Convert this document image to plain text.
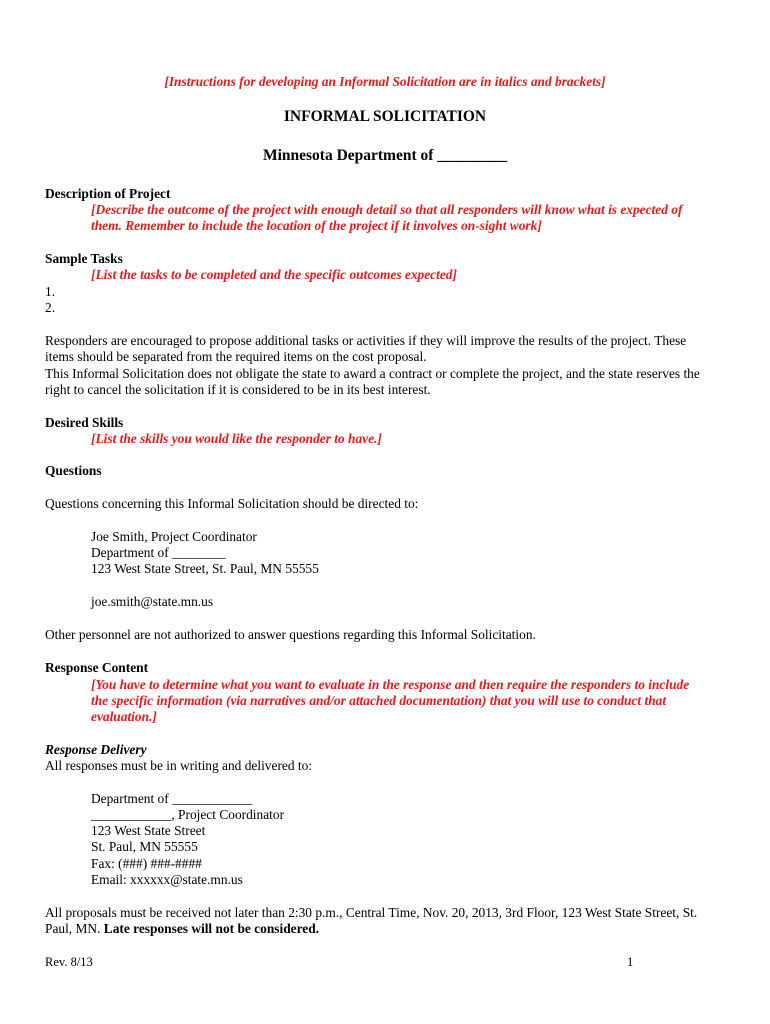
[Instructions for developing an Informal Solicitation are in italics and brackets]
INFORMAL SOLICITATION
Minnesota Department of _________
Description of Project
[Describe the outcome of the project with enough detail so that all responders will know what is expected of
them. Remember to include the location of the project if it involves on-sight work]
Sample Tasks
[List the tasks to be completed and the specific outcomes expected]
1.
2.
Responders are encouraged to propose additional tasks or activities if they will improve the results of the project. These
items should be separated from the required items on the cost proposal.
This Informal Solicitation does not obligate the state to award a contract or complete the project, and the state reserves the
right to cancel the solicitation if it is considered to be in its best interest.
Desired Skills
[List the skills you would like the responder to have.]
Questions
Questions concerning this Informal Solicitation should be directed to:
Joe Smith, Project Coordinator
Department of ________
123 West State Street, St. Paul, MN 55555
joe.smith@state.mn.us
Other personnel are not authorized to answer questions regarding this Informal Solicitation.
Response Content
[You have to determine what you want to evaluate in the response and then require the responders to include
the specific information (via narratives and/or attached documentation) that you will use to conduct that
evaluation.]
Response Delivery
All responses must be in writing and delivered to:
Department of ____________
____________, Project Coordinator
123 West State Street
St. Paul, MN 55555
Fax: (###) ###-####
Email: xxxxxx@state.mn.us
All proposals must be received not later than 2:30 p.m., Central Time, Nov. 20, 2013, 3rd Floor, 123 West State Street, St.
Paul, MN. Late responses will not be considered.
Rev. 8/13	1
